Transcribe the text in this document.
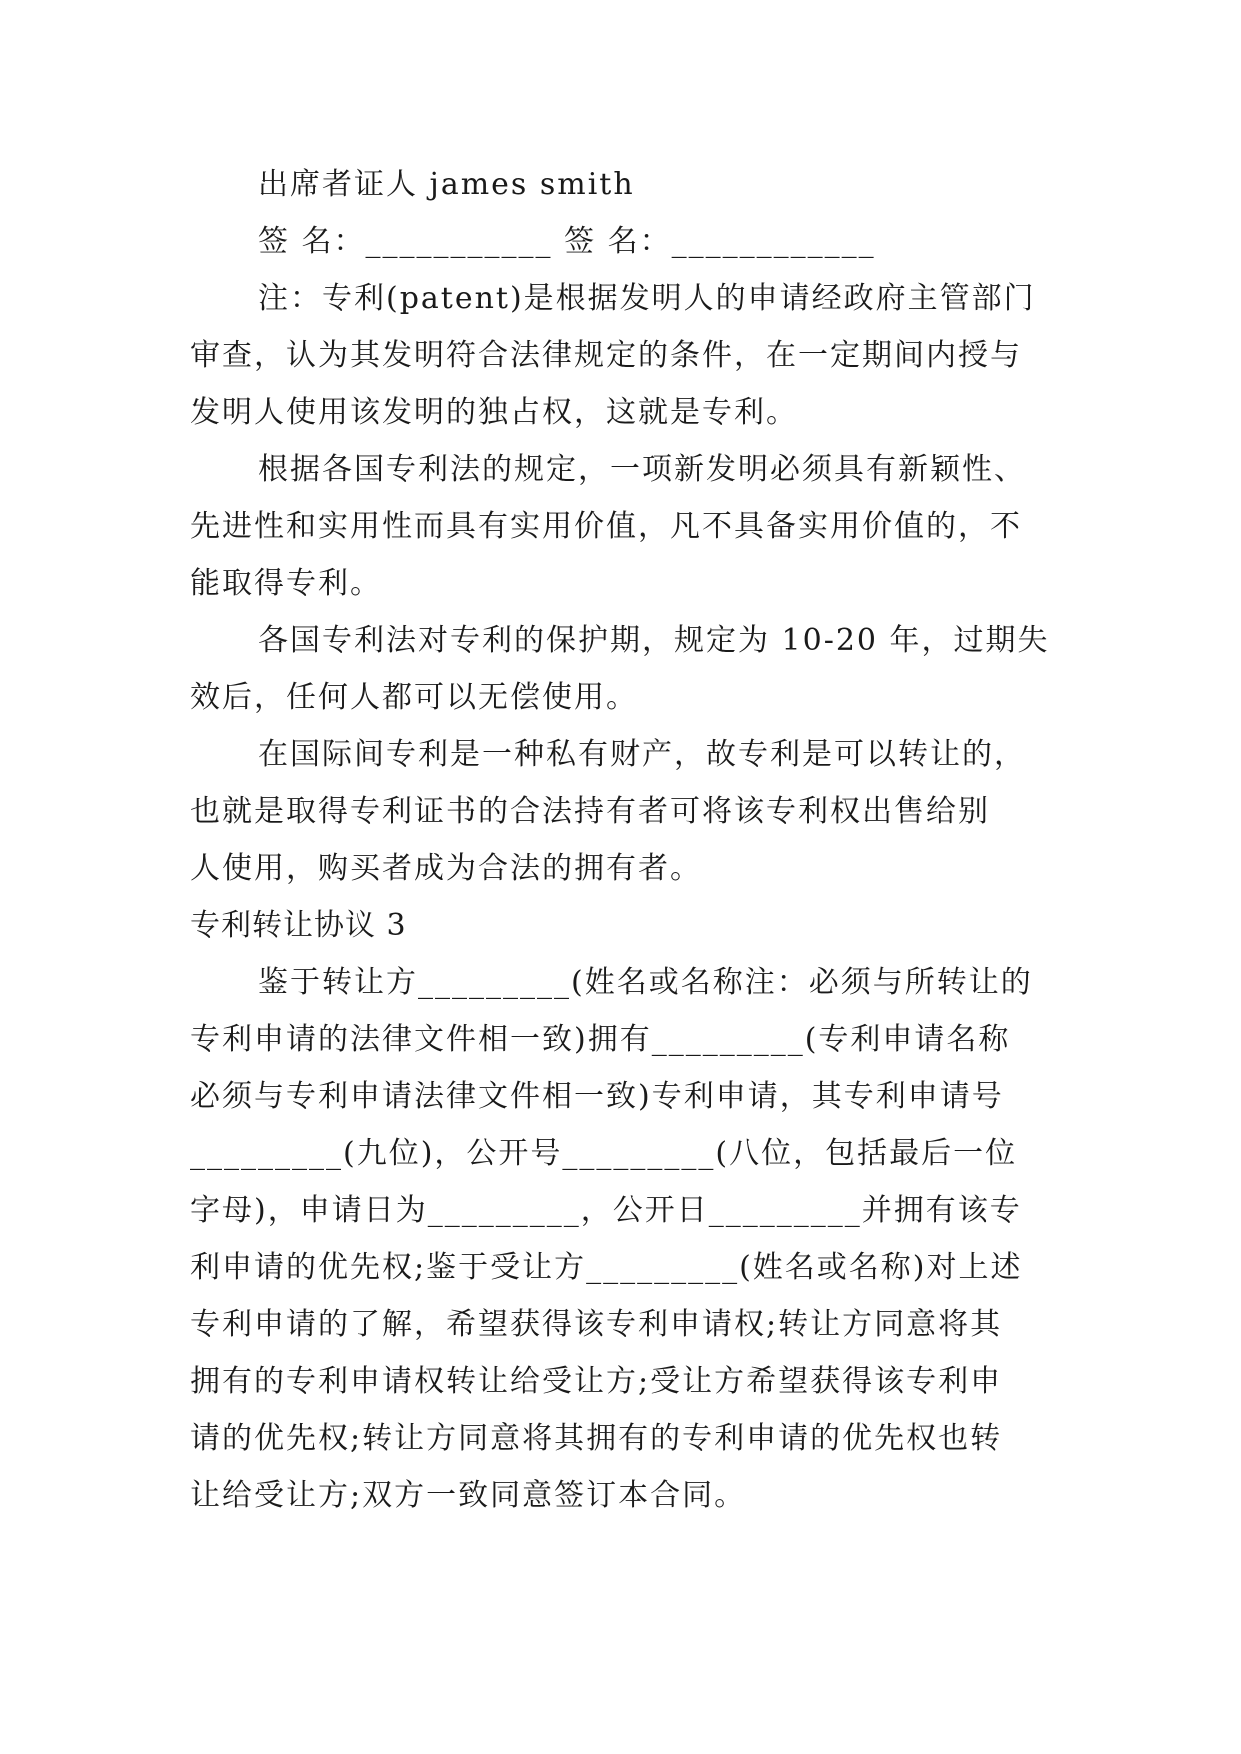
出席者证人 james smith
签 名：___________ 签 名：____________
注：专利(patent)是根据发明人的申请经政府主管部门
审查，认为其发明符合法律规定的条件，在一定期间内授与
发明人使用该发明的独占权，这就是专利。
根据各国专利法的规定，一项新发明必须具有新颖性、
先进性和实用性而具有实用价值，凡不具备实用价值的，不
能取得专利。
各国专利法对专利的保护期，规定为 10-20 年，过期失
效后，任何人都可以无偿使用。
在国际间专利是一种私有财产，故专利是可以转让的，
也就是取得专利证书的合法持有者可将该专利权出售给别
人使用，购买者成为合法的拥有者。
专利转让协议 3
鉴于转让方_________(姓名或名称注：必须与所转让的
专利申请的法律文件相一致)拥有_________(专利申请名称
必须与专利申请法律文件相一致)专利申请，其专利申请号
_________(九位)，公开号_________(八位，包括最后一位
字母)，申请日为_________，公开日_________并拥有该专
利申请的优先权;鉴于受让方_________(姓名或名称)对上述
专利申请的了解，希望获得该专利申请权;转让方同意将其
拥有的专利申请权转让给受让方;受让方希望获得该专利申
请的优先权;转让方同意将其拥有的专利申请的优先权也转
让给受让方;双方一致同意签订本合同。
